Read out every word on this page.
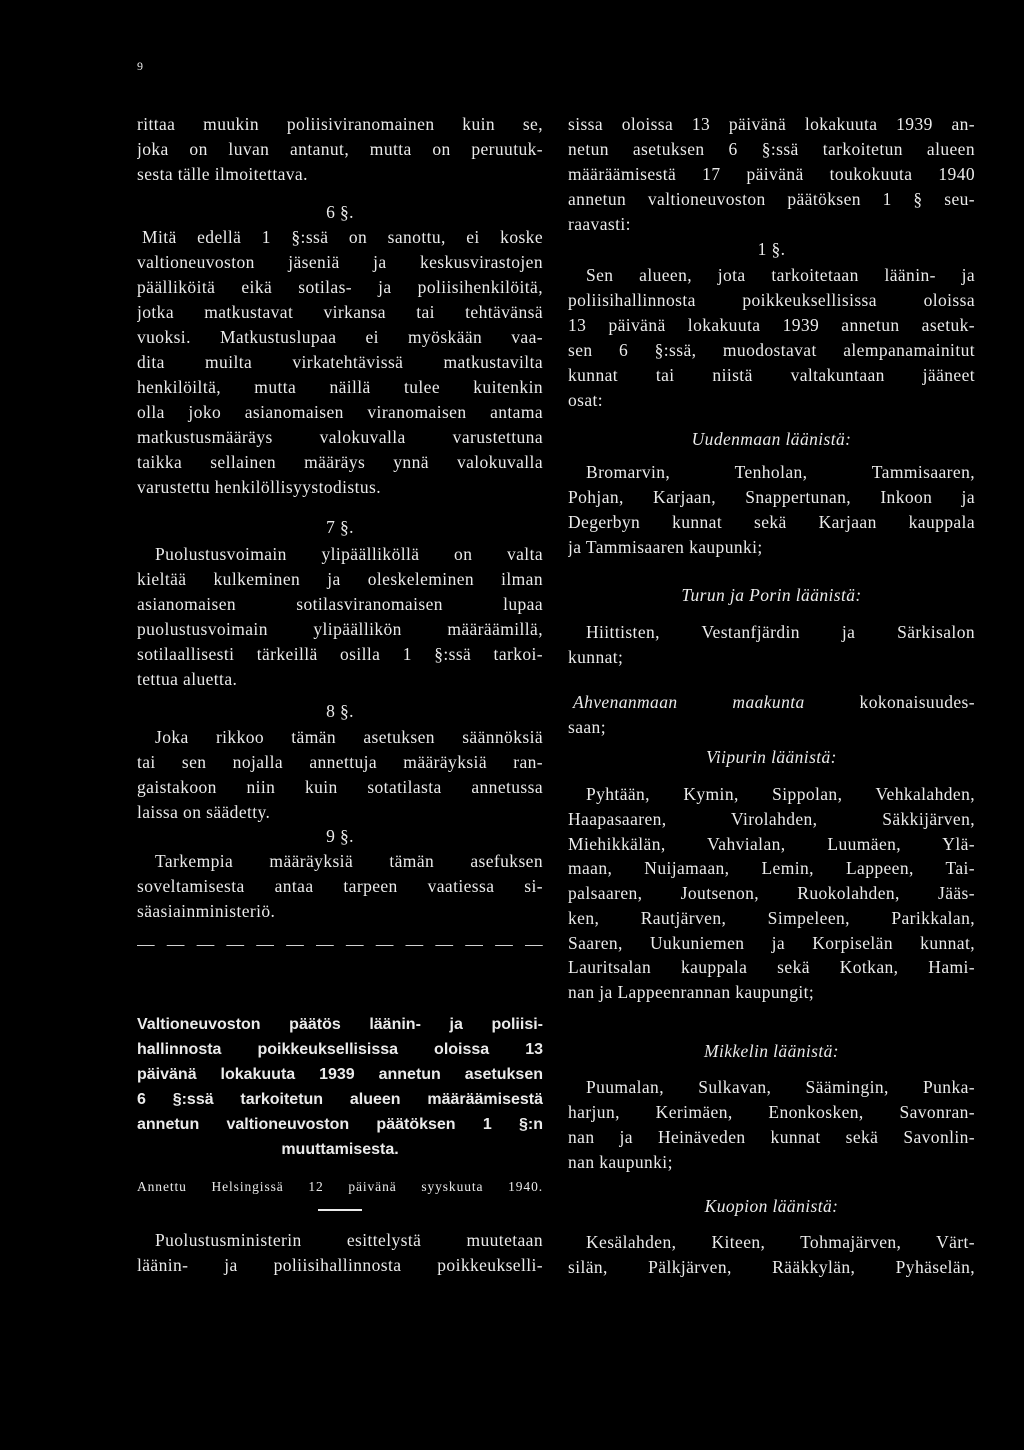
9
rittaa muukin poliisiviranomainen kuin se,
joka on luvan antanut, mutta on peruutuk-
sesta tälle ilmoitettava.
6 §.
Mitä edellä 1 §:ssä on sanottu, ei koske
valtioneuvoston jäseniä ja keskusvirastojen
päälliköitä eikä sotilas- ja poliisihenkilöitä,
jotka matkustavat virkansa tai tehtävänsä
vuoksi. Matkustuslupaa ei myöskään vaa-
dita muilta virkatehtävissä matkustavilta
henkilöiltä, mutta näillä tulee kuitenkin
olla joko asianomaisen viranomaisen antama
matkustusmääräys valokuvalla varustettuna
taikka sellainen määräys ynnä valokuvalla
varustettu henkilöllisyystodistus.
7 §.
Puolustusvoimain ylipäälliköllä on valta
kieltää kulkeminen ja oleskeleminen ilman
asianomaisen sotilasviranomaisen lupaa
puolustusvoimain ylipäällikön määräämillä,
sotilaallisesti tärkeillä osilla 1 §:ssä tarkoi-
tettua aluetta.
8 §.
Joka rikkoo tämän asetuksen säännöksiä
tai sen nojalla annettuja määräyksiä ran-
gaistakoon niin kuin sotatilasta annetussa
laissa on säädetty.
9 §.
Tarkempia määräyksiä tämän asefuksen
soveltamisesta antaa tarpeen vaatiessa si-
säasiainministeriö.
— — — — — — — — — — — — — —
Valtioneuvoston päätös läänin- ja poliisi-
hallinnosta poikkeuksellisissa oloissa 13
päivänä lokakuuta 1939 annetun asetuksen
6 §:ssä tarkoitetun alueen määräämisestä
annetun valtioneuvoston päätöksen 1 §:n
muuttamisesta.
Annettu Helsingissä 12 päivänä syyskuuta 1940.
Puolustusministerin esittelystä muutetaan
läänin- ja poliisihallinnosta poikkeukselli-
sissa oloissa 13 päivänä lokakuuta 1939 an-
netun asetuksen 6 §:ssä tarkoitetun alueen
määräämisestä 17 päivänä toukokuuta 1940
annetun valtioneuvoston päätöksen 1 § seu-
raavasti:
1 §.
Sen alueen, jota tarkoitetaan läänin- ja
poliisihallinnosta poikkeuksellisissa oloissa
13 päivänä lokakuuta 1939 annetun asetuk-
sen 6 §:ssä, muodostavat alempanamainitut
kunnat tai niistä valtakuntaan jääneet
osat:
Uudenmaan läänistä:
Bromarvin, Tenholan, Tammisaaren,
Pohjan, Karjaan, Snappertunan, Inkoon ja
Degerbyn kunnat sekä Karjaan kauppala
ja Tammisaaren kaupunki;
Turun ja Porin läänistä:
Hiittisten, Vestanfjärdin ja Särkisalon
kunnat;
Ahvenanmaan maakunta	kokonaisuudes-
saan;
Viipurin läänistä:
Pyhtään, Kymin, Sippolan, Vehkalahden,
Haapasaaren, Virolahden, Säkkijärven,
Miehikkälän, Vahvialan, Luumäen, Ylä-
maan, Nuijamaan, Lemin, Lappeen, Tai-
palsaaren, Joutsenon, Ruokolahden, Jääs-
ken, Rautjärven, Simpeleen, Parikkalan,
Saaren, Uukuniemen ja Korpiselän kunnat,
Lauritsalan kauppala sekä Kotkan, Hami-
nan ja Lappeenrannan kaupungit;
Mikkelin läänistä:
Puumalan, Sulkavan, Säämingin, Punka-
harjun, Kerimäen, Enonkosken, Savonran-
nan ja Heinäveden kunnat sekä Savonlin-
nan kaupunki;
Kuopion läänistä:
Kesälahden, Kiteen, Tohmajärven, Värt-
silän, Pälkjärven, Rääkkylän, Pyhäselän,
